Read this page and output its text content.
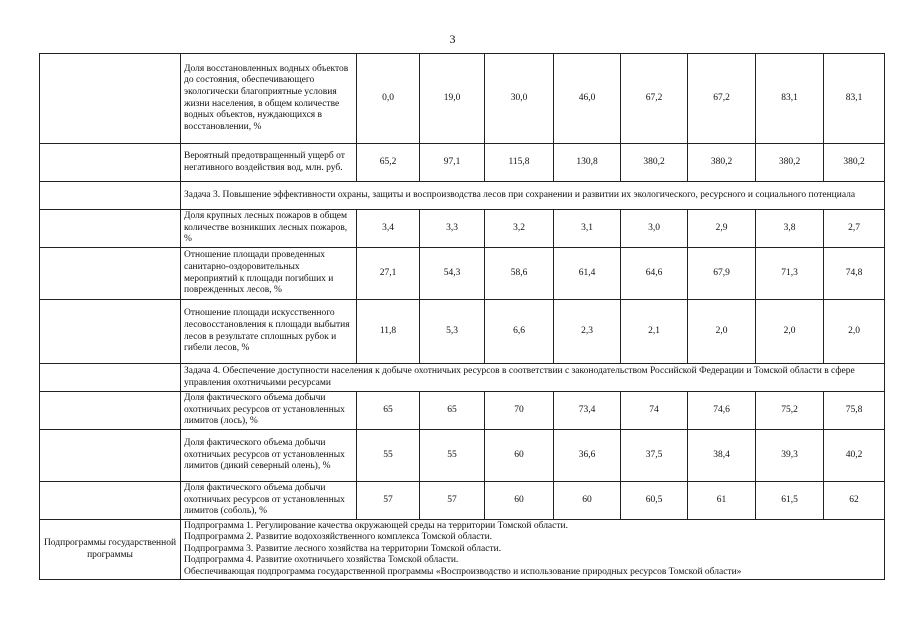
3
	Доля восстановленных водных объектов до состояния, обеспечивающего экологически благоприятные условия жизни населения, в общем количестве водных объектов, нуждающихся в восстановлении, %	0,0	19,0	30,0	46,0	67,2	67,2	83,1	83,1
	Вероятный предотвращенный ущерб от негативного воздействия вод, млн. руб.	65,2	97,1	115,8	130,8	380,2	380,2	380,2	380,2
	Задача 3. Повышение эффективности охраны, защиты и воспроизводства лесов при сохранении и развитии их экологического, ресурсного и социального потенциала								
	Доля крупных лесных пожаров в общем количестве возникших лесных пожаров, %	3,4	3,3	3,2	3,1	3,0	2,9	3,8	2,7
	Отношение площади проведенных санитарно-оздоровительных мероприятий к площади погибших и поврежденных лесов, %	27,1	54,3	58,6	61,4	64,6	67,9	71,3	74,8
	Отношение площади искусственного лесовосстановления к площади выбытия лесов в результате сплошных рубок и гибели лесов, %	11,8	5,3	6,6	2,3	2,1	2,0	2,0	2,0
	Задача 4. Обеспечение доступности населения к добыче охотничьих ресурсов в соответствии с законодательством Российской Федерации и Томской области в сфере управления охотничьими ресурсами								
	Доля фактического объема добычи охотничьих ресурсов от установленных лимитов (лось), %	65	65	70	73,4	74	74,6	75,2	75,8
	Доля фактического объема добычи охотничьих ресурсов от установленных лимитов (дикий северный олень), %	55	55	60	36,6	37,5	38,4	39,3	40,2
	Доля фактического объема добычи охотничьих ресурсов от установленных лимитов (соболь), %	57	57	60	60	60,5	61	61,5	62
Подпрограммы государственной программы	Подпрограмма 1. Регулирование качества окружающей среды на территории Томской области.
Подпрограмма 2. Развитие водохозяйственного комплекса Томской области.
Подпрограмма 3. Развитие лесного хозяйства на территории Томской области.
Подпрограмма 4. Развитие охотничьего хозяйства Томской области.
Обеспечивающая подпрограмма государственной программы «Воспроизводство и использование природных ресурсов Томской области»								
